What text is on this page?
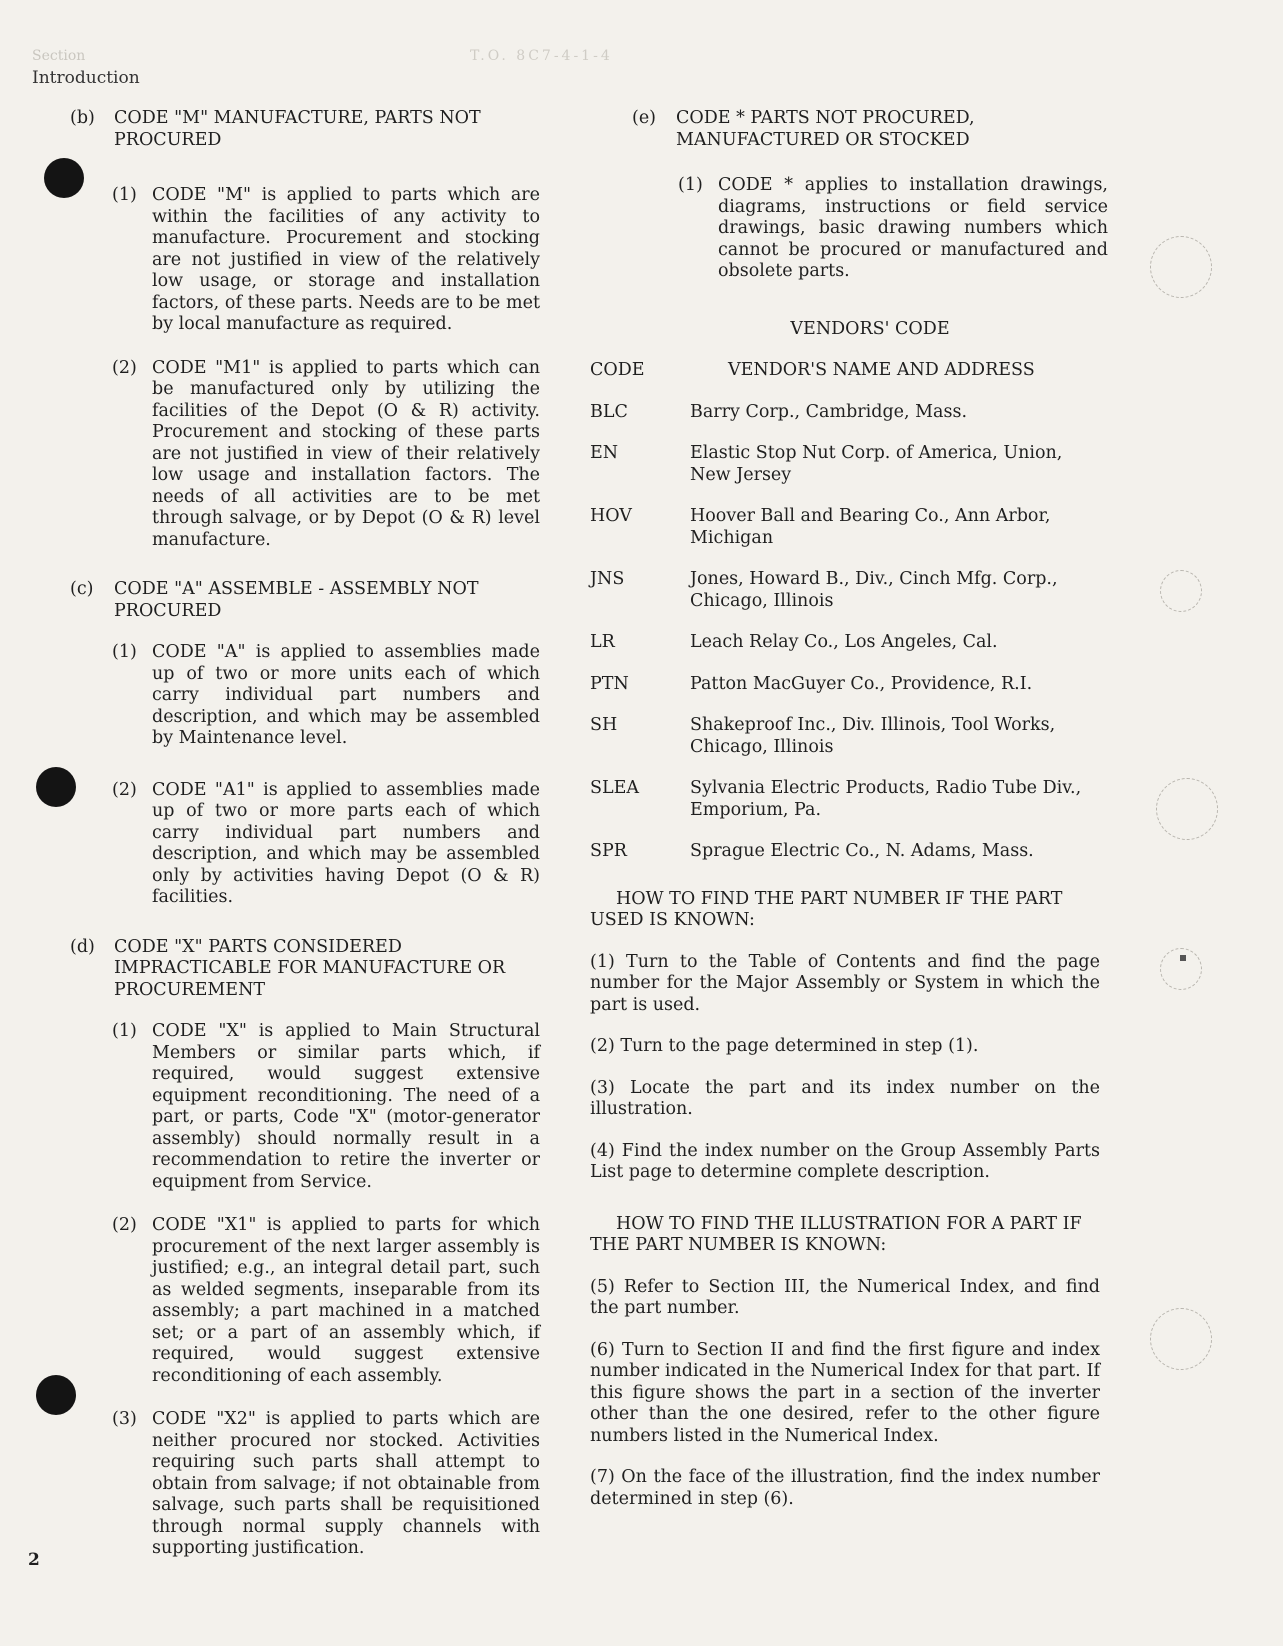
Section	T.O. 8C7-4-1-4
Introduction
(b)	CODE "M" MANUFACTURE, PARTS NOT PROCURED
(1) CODE "M" is applied to parts which are within the facilities of any activity to manufacture. Procurement and stocking are not justified in view of the relatively low usage, or storage and installation factors, of these parts. Needs are to be met by local manufacture as required.
(2) CODE "M1" is applied to parts which can be manufactured only by utilizing the facilities of the Depot (O & R) activity. Procurement and stocking of these parts are not justified in view of their relatively low usage and installation factors. The needs of all activities are to be met through salvage, or by Depot (O & R) level manufacture.
(c)	CODE "A" ASSEMBLE - ASSEMBLY NOT PROCURED
(1) CODE "A" is applied to assemblies made up of two or more units each of which carry individual part numbers and description, and which may be assembled by Maintenance level.
(2) CODE "A1" is applied to assemblies made up of two or more parts each of which carry individual part numbers and description, and which may be assembled only by activities having Depot (O & R) facilities.
(d)	CODE "X" PARTS CONSIDERED IMPRACTICABLE FOR MANUFACTURE OR PROCUREMENT
(1) CODE "X" is applied to Main Structural Members or similar parts which, if required, would suggest extensive equipment reconditioning. The need of a part, or parts, Code "X" (motor-generator assembly) should normally result in a recommendation to retire the inverter or equipment from Service.
(2) CODE "X1" is applied to parts for which procurement of the next larger assembly is justified; e.g., an integral detail part, such as welded segments, inseparable from its assembly; a part machined in a matched set; or a part of an assembly which, if required, would suggest extensive reconditioning of each assembly.
(3) CODE "X2" is applied to parts which are neither procured nor stocked. Activities requiring such parts shall attempt to obtain from salvage; if not obtainable from salvage, such parts shall be requisitioned through normal supply channels with supporting justification.
(e)	CODE * PARTS NOT PROCURED, MANUFACTURED OR STOCKED
(1) CODE * applies to installation drawings, diagrams, instructions or field service drawings, basic drawing numbers which cannot be procured or manufactured and obsolete parts.
VENDORS' CODE
CODE	VENDOR'S NAME AND ADDRESS
BLC	Barry Corp., Cambridge, Mass.
EN	Elastic Stop Nut Corp. of America, Union, New Jersey
HOV	Hoover Ball and Bearing Co., Ann Arbor, Michigan
JNS	Jones, Howard B., Div., Cinch Mfg. Corp., Chicago, Illinois
LR	Leach Relay Co., Los Angeles, Cal.
PTN	Patton MacGuyer Co., Providence, R.I.
SH	Shakeproof Inc., Div. Illinois, Tool Works, Chicago, Illinois
SLEA	Sylvania Electric Products, Radio Tube Div., Emporium, Pa.
SPR	Sprague Electric Co., N. Adams, Mass.
HOW TO FIND THE PART NUMBER IF THE PART USED IS KNOWN:
(1) Turn to the Table of Contents and find the page number for the Major Assembly or System in which the part is used.
(2) Turn to the page determined in step (1).
(3) Locate the part and its index number on the illustration.
(4) Find the index number on the Group Assembly Parts List page to determine complete description.
HOW TO FIND THE ILLUSTRATION FOR A PART IF THE PART NUMBER IS KNOWN:
(5) Refer to Section III, the Numerical Index, and find the part number.
(6) Turn to Section II and find the first figure and index number indicated in the Numerical Index for that part. If this figure shows the part in a section of the inverter other than the one desired, refer to the other figure numbers listed in the Numerical Index.
(7) On the face of the illustration, find the index number determined in step (6).
2
